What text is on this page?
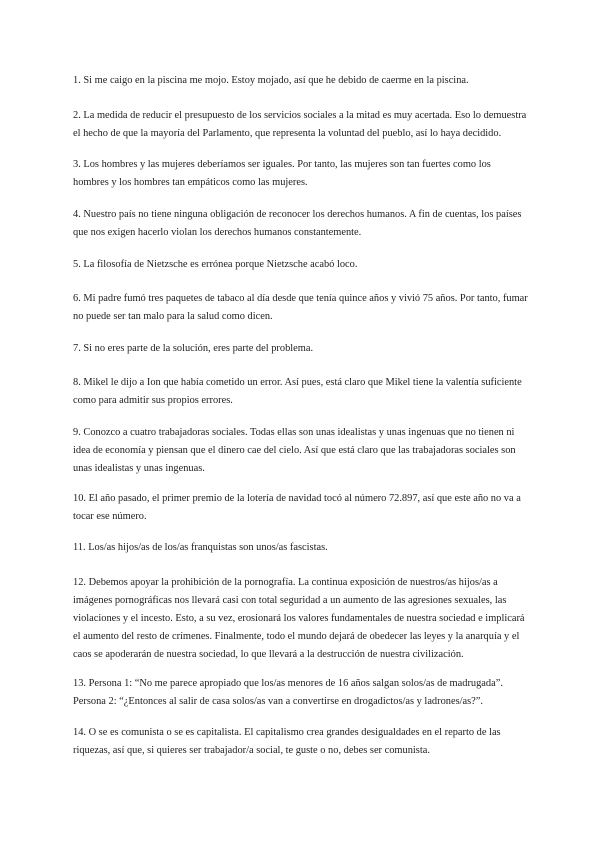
1. Si me caigo en la piscina me mojo. Estoy mojado, así que he debido de caerme en la piscina.

2. La medida de reducir el presupuesto de los servicios sociales a la mitad es muy acertada. Eso lo demuestra el hecho de que la mayoría del Parlamento, que representa la voluntad del pueblo, así lo haya decidido.

3. Los hombres y las mujeres deberíamos ser iguales. Por tanto, las mujeres son tan fuertes como los hombres y los hombres tan empáticos como las mujeres.

4. Nuestro país no tiene ninguna obligación de reconocer los derechos humanos. A fin de cuentas, los países que nos exigen hacerlo violan los derechos humanos constantemente.

5. La filosofía de Nietzsche es errónea porque Nietzsche acabó loco.

6. Mi padre fumó tres paquetes de tabaco al día desde que tenía quince años y vivió 75 años. Por tanto, fumar no puede ser tan malo para la salud como dicen.

7. Si no eres parte de la solución, eres parte del problema.

8. Mikel le dijo a Ion que había cometido un error. Así pues, está claro que Mikel tiene la valentía suficiente como para admitir sus propios errores.

9. Conozco a cuatro trabajadoras sociales. Todas ellas son unas idealistas y unas ingenuas que no tienen ni idea de economía y piensan que el dinero cae del cielo. Así que está claro que las trabajadoras sociales son unas idealistas y unas ingenuas.

10. El año pasado, el primer premio de la lotería de navidad tocó al número 72.897, así que este año no va a tocar ese número.

11. Los/as hijos/as de los/as franquistas son unos/as fascistas.

12. Debemos apoyar la prohibición de la pornografía. La continua exposición de nuestros/as hijos/as a imágenes pornográficas nos llevará casi con total seguridad a un aumento de las agresiones sexuales, las violaciones y el incesto. Esto, a su vez, erosionará los valores fundamentales de nuestra sociedad e implicará el aumento del resto de crímenes. Finalmente, todo el mundo dejará de obedecer las leyes y la anarquía y el caos se apoderarán de nuestra sociedad, lo que llevará a la destrucción de nuestra civilización.

13. Persona 1: “No me parece apropiado que los/as menores de 16 años salgan solos/as de madrugada”. Persona 2: “¿Entonces al salir de casa solos/as van a convertirse en drogadictos/as y ladrones/as?”.

14. O se es comunista o se es capitalista. El capitalismo crea grandes desigualdades en el reparto de las riquezas, así que, si quieres ser trabajador/a social, te guste o no, debes ser comunista.
